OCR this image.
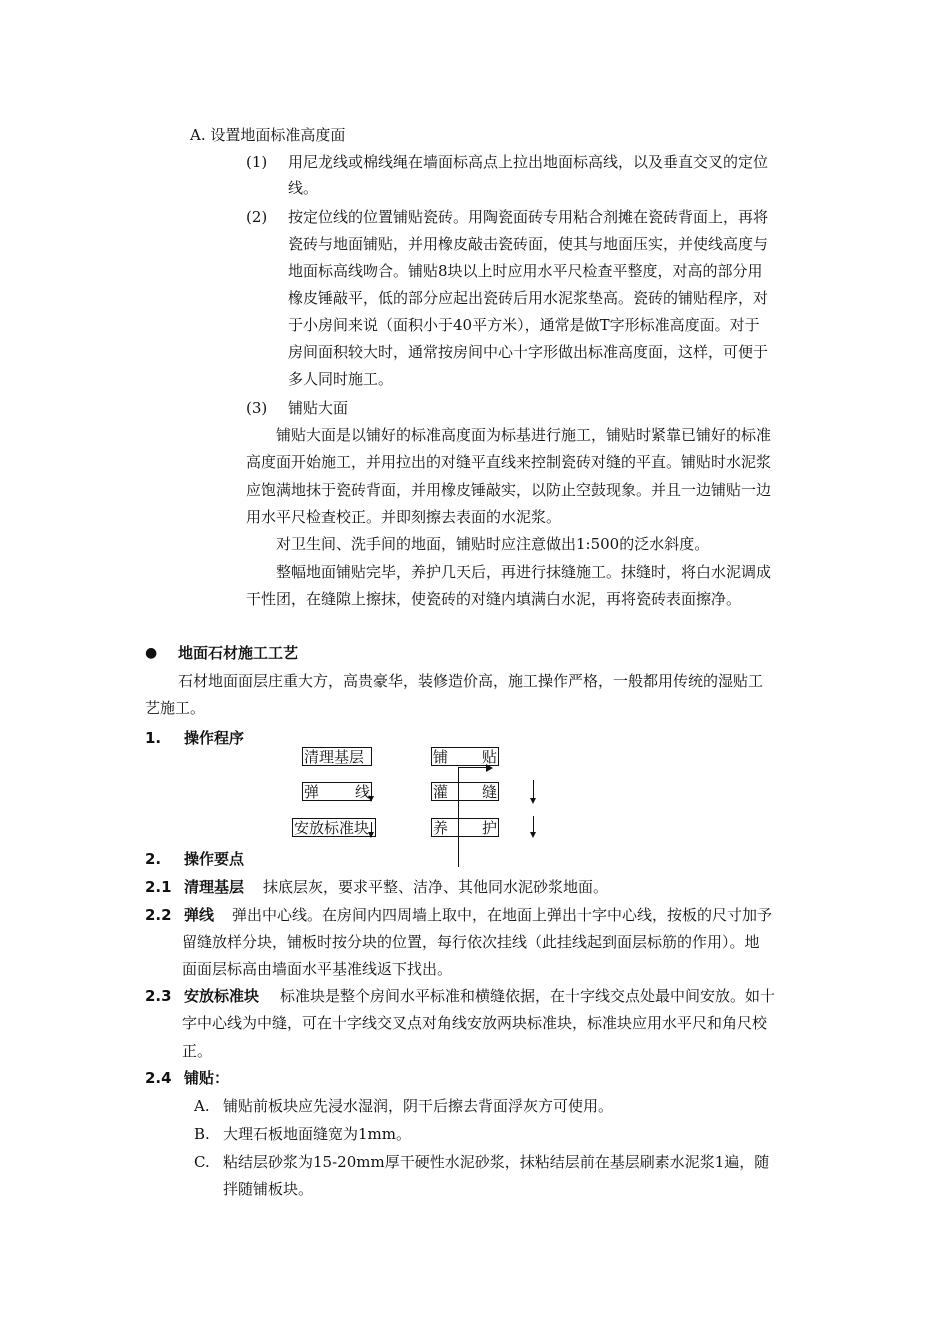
A. 设置地面标准高度面
(1) 用尼龙线或棉线绳在墙面标高点上拉出地面标高线，以及垂直交叉的定位
线。
(2) 按定位线的位置铺贴瓷砖。用陶瓷面砖专用粘合剂摊在瓷砖背面上，再将
瓷砖与地面铺贴，并用橡皮敲击瓷砖面，使其与地面压实，并使线高度与
地面标高线吻合。铺贴8块以上时应用水平尺检查平整度，对高的部分用
橡皮锤敲平，低的部分应起出瓷砖后用水泥浆垫高。瓷砖的铺贴程序，对
于小房间来说（面积小于40平方米），通常是做T字形标准高度面。对于
房间面积较大时，通常按房间中心十字形做出标准高度面，这样，可便于
多人同时施工。
(3) 铺贴大面
铺贴大面是以铺好的标准高度面为标基进行施工，铺贴时紧靠已铺好的标准
高度面开始施工，并用拉出的对缝平直线来控制瓷砖对缝的平直。铺贴时水泥浆
应饱满地抹于瓷砖背面，并用橡皮锤敲实，以防止空鼓现象。并且一边铺贴一边
用水平尺检查校正。并即刻擦去表面的水泥浆。
对卫生间、洗手间的地面，铺贴时应注意做出1:500的泛水斜度。
整幅地面铺贴完毕，养护几天后，再进行抹缝施工。抹缝时，将白水泥调成
干性团，在缝隙上擦抹，使瓷砖的对缝内填满白水泥，再将瓷砖表面擦净。
● 地面石材施工工艺
石材地面面层庄重大方，高贵豪华，装修造价高，施工操作严格，一般都用传统的湿贴工
艺施工。
1. 操作程序
清理基层
弹 线
安放标准块
铺 贴
灌 缝
养 护
2. 操作要点
2.1 清理基层 抹底层灰，要求平整、洁净、其他同水泥砂浆地面。
2.2 弹线 弹出中心线。在房间内四周墙上取中，在地面上弹出十字中心线，按板的尺寸加予
留缝放样分块，铺板时按分块的位置，每行依次挂线（此挂线起到面层标筋的作用）。地
面面层标高由墙面水平基准线返下找出。
2.3 安放标准块 标准块是整个房间水平标准和横缝依据，在十字线交点处最中间安放。如十
字中心线为中缝，可在十字线交叉点对角线安放两块标准块，标准块应用水平尺和角尺校
正。
2.4 铺贴：
A. 铺贴前板块应先浸水湿润，阴干后擦去背面浮灰方可使用。
B. 大理石板地面缝宽为1mm。
C. 粘结层砂浆为15-20mm厚干硬性水泥砂浆，抹粘结层前在基层刷素水泥浆1遍，随
拌随铺板块。
